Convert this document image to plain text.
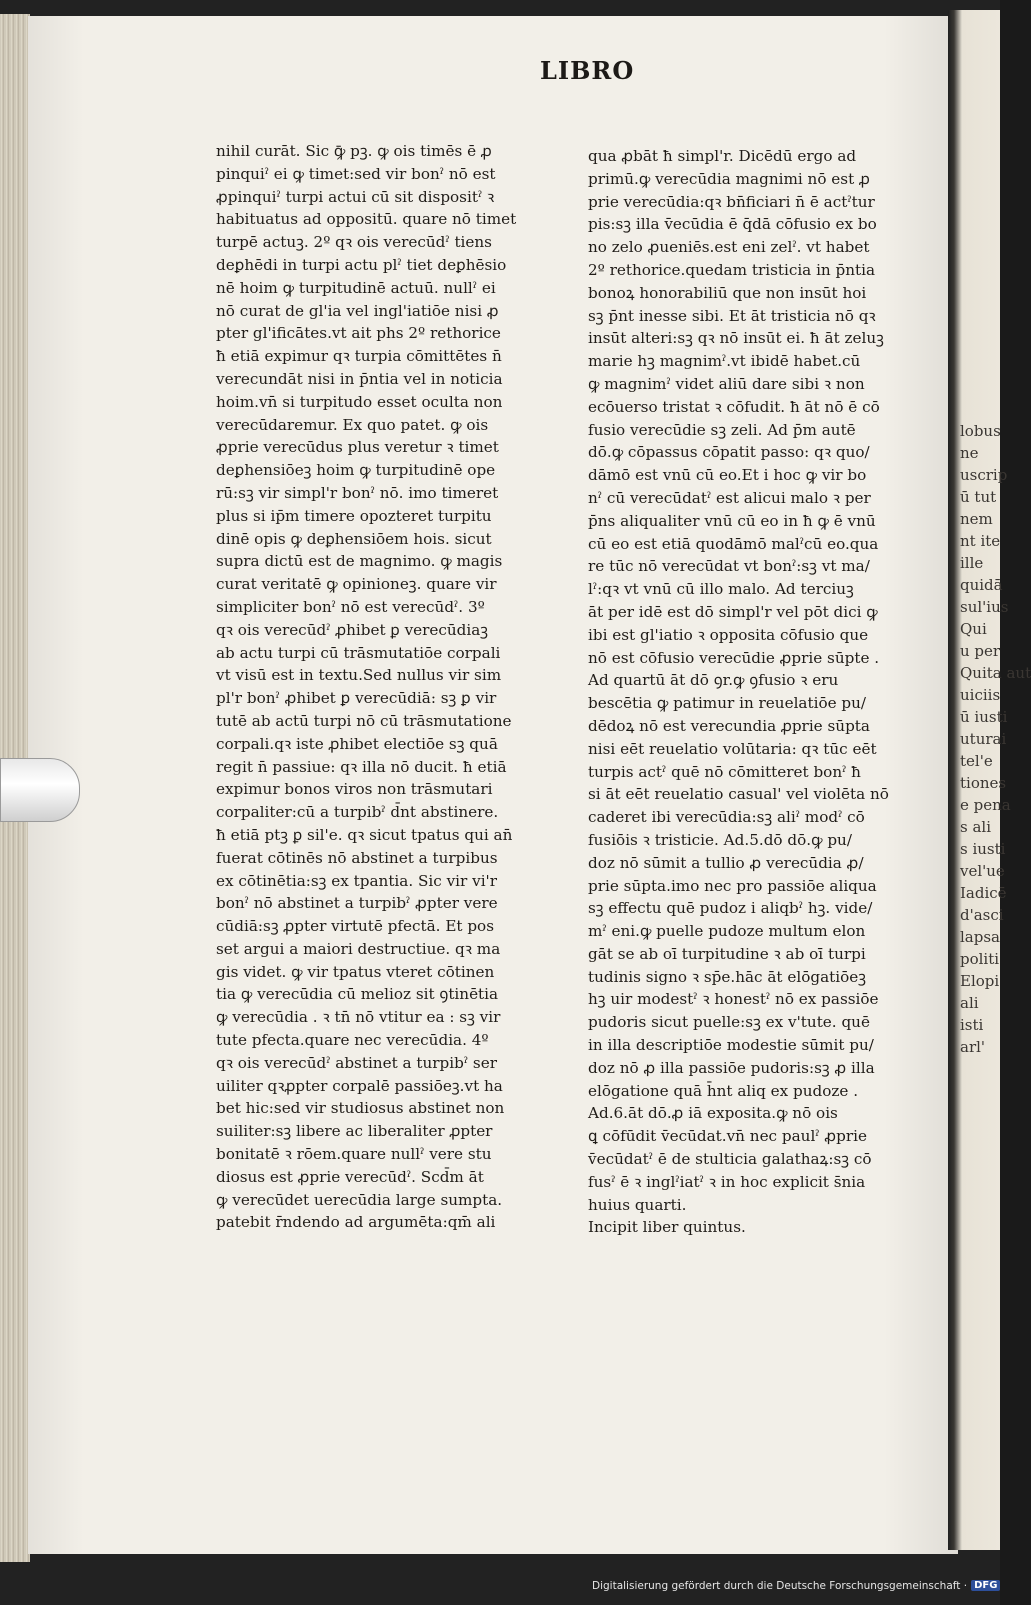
lobus
ne
uscrip
ū tut
nem
nt ite
ille
quidā
sul'ius
Qui
u per
Quita aut
uiciis
ū iusti
uturai
tel'e
tiones
e pena
s ali
s iusti
vel'ue
Iadicē
d'asci
lapsa
politi
Elopi
ali
isti
arl'
LIBRO

nihil curāt. Sic ꝙ̄ pꝫ. ꝙ ois timēs ē ꝓ

pinquiˀ ei ꝙ timet:sed vir bonˀ nō est

ꝓpinquiˀ turpi actui cū sit dispositˀ ꝛ

habituatus ad oppositū. quare nō timet

turpē actuꝫ. 2º qꝛ ois verecūdˀ tiens

deꝑhēdi in turpi actu plˀ tiet deꝑhēsio

nē hoim ꝙ turpitudinē actuū. nullˀ ei

nō curat de gl'ia vel ingl'iatiōe nisi ꝓ

pter gl'ificātes.vt ait phs 2º rethorice

ħ etiā expimur qꝛ turpia cōmittētes n̄

verecundāt nisi in p̄ntia vel in noticia

hoim.vn̄ si turpitudo esset oculta non

verecūdaremur. Ex quo patet. ꝙ ois

ꝓprie verecūdus plus veretur ꝛ timet

deꝑhensiōeꝫ hoim ꝙ turpitudinē ope

rū:sꝫ vir simpl'r bonˀ nō. imo timeret

plus si ip̄m timere opozteret turpitu

dinē opis ꝙ deꝑhensiōem hois. sicut

supra dictū est de magnimo. ꝙ magis

curat veritatē ꝙ opinioneꝫ. quare vir

simpliciter bonˀ nō est verecūdˀ. 3º

qꝛ ois verecūdˀ ꝓhibet ꝑ verecūdiaꝫ

ab actu turpi cū trāsmutatiōe corpali

vt visū est in textu.Sed nullus vir sim

pl'r bonˀ ꝓhibet ꝑ verecūdiā: sꝫ ꝑ vir

tutē ab actū turpi nō cū trāsmutatione

corpali.qꝛ iste ꝓhibet electiōe sꝫ quā

regit n̄ passiue: qꝛ illa nō ducit. ħ etiā

expimur bonos viros non trāsmutari

corpaliter:cū a turpibˀ d̄nt abstinere.

ħ etiā ptꝫ ꝑ sil'e. qꝛ sicut tpatus qui an̄

fuerat cōtinēs nō abstinet a turpibus

ex cōtinētia:sꝫ ex tpantia. Sic vir vi'r

bonˀ nō abstinet a turpibˀ ꝓpter vere

cūdiā:sꝫ ꝓpter virtutē pfectā. Et pos

set argui a maiori destructiue. qꝛ ma

gis videt. ꝙ vir tpatus vteret cōtinen

tia ꝙ verecūdia cū melioz sit ꝯtinētia

ꝙ verecūdia . ꝛ tn̄ nō vtitur ea : sꝫ vir

tute pfecta.quare nec verecūdia. 4º

qꝛ ois verecūdˀ abstinet a turpibˀ ser

uiliter qꝛꝓpter corpalē passiōeꝫ.vt ha

bet hic:sed vir studiosus abstinet non

suiliter:sꝫ libere ac liberaliter ꝓpter

bonitatē ꝛ rōem.quare nullˀ vere stu

diosus est ꝓprie verecūdˀ. Scd̄m āt

ꝙ verecūdet uerecūdia large sumpta.

patebit r̄ndendo ad argumēta:qm̄ ali

qua ꝓbāt ħ simpl'r. Dicēdū ergo ad

primū.ꝙ verecūdia magnimi nō est ꝓ

prie verecūdia:qꝛ bn̄ficiari n̄ ē actˀtur

pis:sꝫ illa v̄ecūdia ē q̄dā cōfusio ex bo

no zelo ꝓueniēs.est eni zelˀ. vt habet

2º rethorice.quedam tristicia in p̄ntia

bonoꝝ honorabiliū que non insūt hoi

sꝫ p̄nt inesse sibi. Et āt tristicia nō qꝛ

insūt alteri:sꝫ qꝛ nō insūt ei. ħ āt zeluꝫ

marie hꝫ magnimˀ.vt ibidē habet.cū

ꝙ magnimˀ videt aliū dare sibi ꝛ non

ecōuerso tristat ꝛ cōfudit. ħ āt nō ē cō

fusio verecūdie sꝫ zeli. Ad p̄m autē

dō.ꝙ cōpassus cōpatit passo: qꝛ quo/

dāmō est vnū cū eo.Et i hoc ꝙ vir bo

nˀ cū verecūdatˀ est alicui malo ꝛ per

p̄ns aliqualiter vnū cū eo in ħ ꝙ ē vnū

cū eo est etiā quodāmō malˀcū eo.qua

re tūc nō verecūdat vt bonˀ:sꝫ vt ma/

lˀ:qꝛ vt vnū cū illo malo. Ad terciuꝫ

āt per idē est dō simpl'r vel pōt dici ꝙ

ibi est gl'iatio ꝛ opposita cōfusio que

nō est cōfusio verecūdie ꝓprie sūpte .

Ad quartū āt dō ꝯr.ꝙ ꝯfusio ꝛ eru

bescētia ꝙ patimur in reuelatiōe pu/

dēdoꝝ nō est verecundia ꝓprie sūpta

nisi eēt reuelatio volūtaria: qꝛ tūc eēt

turpis actˀ quē nō cōmitteret bonˀ ħ

si āt eēt reuelatio casual' vel violēta nō

caderet ibi verecūdia:sꝫ aliˀ modˀ cō

fusiōis ꝛ tristicie. Ad.5.dō dō.ꝙ pu/

doz nō sūmit a tullio ꝓ verecūdia ꝓ/

prie sūpta.imo nec pro passiōe aliqua

sꝫ effectu quē pudoz i aliqbˀ hꝫ. vide/

mˀ eni.ꝙ puelle pudoze multum elon

gāt se ab oī turpitudine ꝛ ab oī turpi

tudinis signo ꝛ sp̄e.hāc āt elōgatiōeꝫ

hꝫ uir modestˀ ꝛ honestˀ nō ex passiōe

pudoris sicut puelle:sꝫ ex v'tute. quē

in illa descriptiōe modestie sūmit pu/

doz nō ꝓ illa passiōe pudoris:sꝫ ꝓ illa

elōgatione quā h̄nt aliq ex pudoze .

Ad.6.āt dō.ꝓ iā exposita.ꝙ nō ois

ꝗ cōfūdit v̄ecūdat.vn̄ nec paulˀ ꝓprie

v̄ecūdatˀ ē de stulticia galathaꝝ:sꝫ cō

fusˀ ē ꝛ inglˀiatˀ ꝛ in hoc explicit s̄nia

huius quarti.

Incipit liber quintus.

Digitalisierung gefördert durch die Deutsche Forschungsgemeinschaft · DFG
